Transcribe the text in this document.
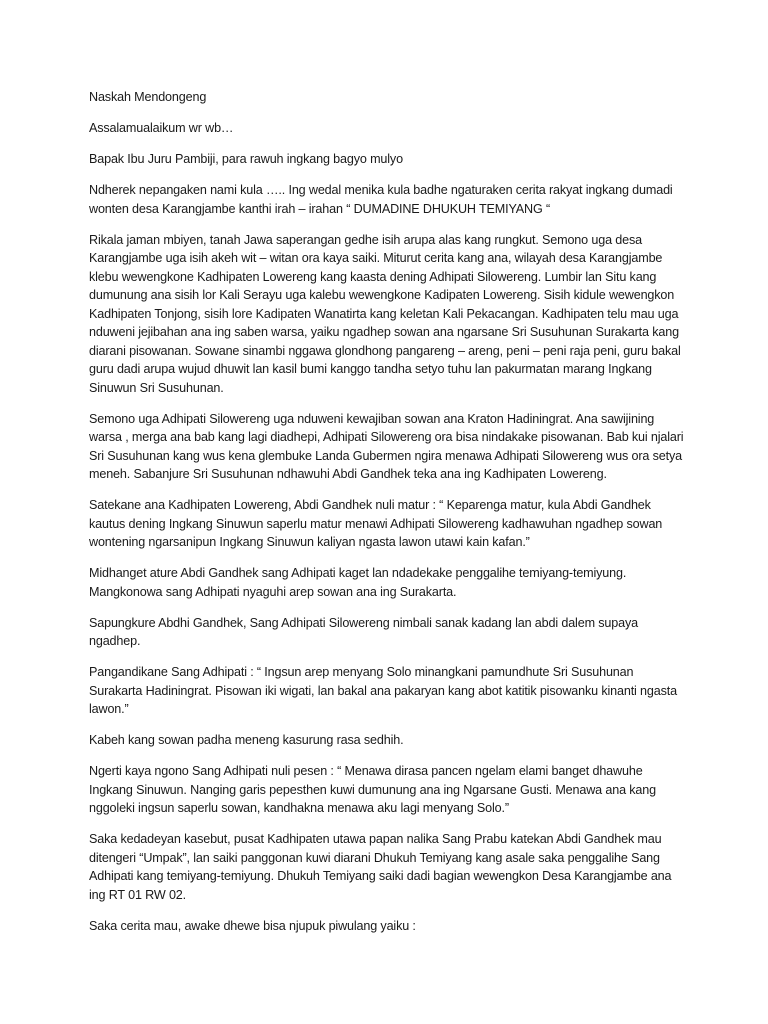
Naskah Mendongeng

Assalamualaikum wr wb…

Bapak Ibu Juru Pambiji, para rawuh ingkang bagyo mulyo

Ndherek nepangaken nami kula ….. Ing wedal menika kula badhe ngaturaken cerita rakyat ingkang dumadi wonten desa Karangjambe kanthi irah – irahan “ DUMADINE DHUKUH TEMIYANG “

Rikala jaman mbiyen, tanah Jawa saperangan gedhe isih arupa alas kang rungkut. Semono uga desa Karangjambe uga isih akeh wit – witan ora kaya saiki. Miturut cerita kang ana, wilayah desa Karangjambe klebu wewengkone Kadhipaten Lowereng kang kaasta dening Adhipati Silowereng. Lumbir lan Situ kang dumunung ana sisih lor Kali Serayu uga kalebu wewengkone Kadipaten Lowereng. Sisih kidule wewengkon Kadhipaten Tonjong, sisih lore Kadipaten Wanatirta kang keletan Kali Pekacangan. Kadhipaten telu mau uga nduweni jejibahan ana ing saben warsa, yaiku ngadhep sowan ana ngarsane Sri Susuhunan Surakarta kang diarani pisowanan. Sowane sinambi nggawa glondhong pangareng – areng, peni – peni raja peni, guru bakal guru dadi arupa wujud dhuwit lan kasil bumi kanggo tandha setyo tuhu lan pakurmatan marang Ingkang Sinuwun Sri Susuhunan.

Semono uga Adhipati Silowereng uga nduweni kewajiban sowan ana Kraton Hadiningrat. Ana sawijining warsa , merga ana bab kang lagi diadhepi, Adhipati Silowereng ora bisa nindakake pisowanan. Bab kui njalari Sri Susuhunan kang wus kena glembuke Landa Gubermen ngira menawa Adhipati Silowereng wus ora setya meneh. Sabanjure Sri Susuhunan ndhawuhi Abdi Gandhek teka ana ing Kadhipaten Lowereng.

Satekane ana Kadhipaten Lowereng, Abdi Gandhek nuli matur : “ Keparenga matur, kula Abdi Gandhek kautus dening Ingkang Sinuwun saperlu matur menawi Adhipati Silowereng kadhawuhan ngadhep sowan wontening ngarsanipun Ingkang Sinuwun kaliyan ngasta lawon utawi kain kafan.”

Midhanget ature Abdi Gandhek sang Adhipati kaget lan ndadekake penggalihe temiyang-temiyung. Mangkonowa sang Adhipati nyaguhi arep sowan ana ing Surakarta.

Sapungkure Abdhi Gandhek, Sang Adhipati Silowereng nimbali sanak kadang lan abdi dalem supaya ngadhep.

Pangandikane Sang Adhipati : “ Ingsun arep menyang Solo minangkani pamundhute Sri Susuhunan Surakarta Hadiningrat. Pisowan iki wigati, lan bakal ana pakaryan kang abot katitik pisowanku kinanti ngasta lawon.”

Kabeh kang sowan padha meneng kasurung rasa sedhih.

Ngerti kaya ngono Sang Adhipati nuli pesen : “ Menawa dirasa pancen ngelam elami banget dhawuhe Ingkang Sinuwun. Nanging garis pepesthen kuwi dumunung ana ing Ngarsane Gusti. Menawa ana kang nggoleki ingsun saperlu sowan, kandhakna menawa aku lagi menyang Solo.”

Saka kedadeyan kasebut, pusat Kadhipaten utawa papan nalika Sang Prabu katekan Abdi Gandhek mau ditengeri “Umpak”, lan saiki panggonan kuwi diarani Dhukuh Temiyang kang asale saka penggalihe Sang Adhipati kang temiyang-temiyung. Dhukuh Temiyang saiki dadi bagian wewengkon Desa Karangjambe ana ing RT 01 RW 02.

Saka cerita mau, awake dhewe bisa njupuk piwulang yaiku :
